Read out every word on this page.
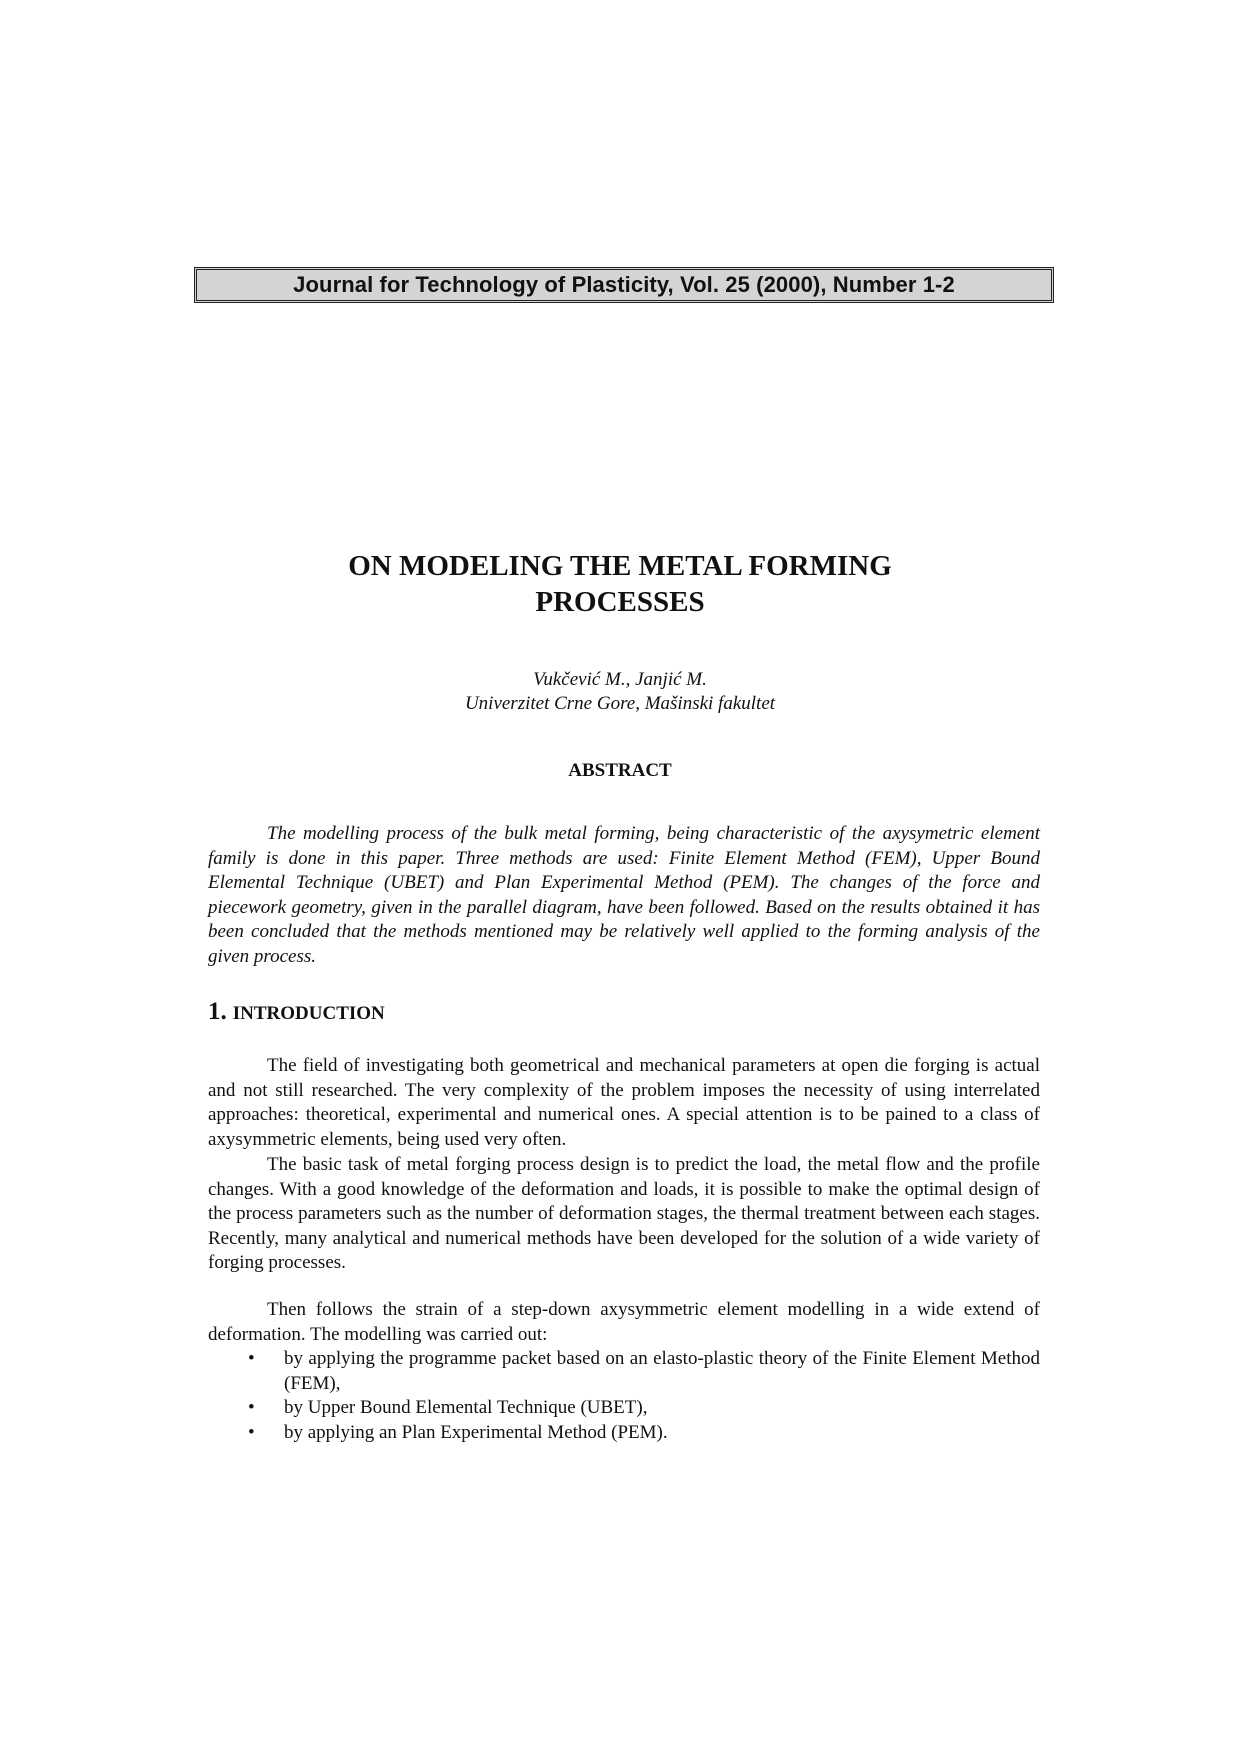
Journal for Technology of Plasticity, Vol. 25 (2000), Number 1-2
ON MODELING THE METAL FORMING
PROCESSES
Vukčević M., Janjić M.
Univerzitet Crne Gore, Mašinski fakultet
ABSTRACT

The modelling process of the bulk metal forming, being characteristic of the axysymetric element family is done in this paper. Three methods are used: Finite Element Method (FEM), Upper Bound Elemental Technique (UBET) and Plan Experimental Method (PEM). The changes of the force and piecework geometry, given in the parallel diagram, have been followed. Based on the results obtained it has been concluded that the methods mentioned may be relatively well applied to the forming analysis of the given process.

1. INTRODUCTION

The field of investigating both geometrical and mechanical parameters at open die forging is actual and not still researched. The very complexity of the problem imposes the necessity of using interrelated approaches: theoretical, experimental and numerical ones. A special attention is to be pained to a class of axysymmetric elements, being used very often.

The basic task of metal forging process design is to predict the load, the metal flow and the profile changes. With a good knowledge of the deformation and loads, it is possible to make the optimal design of the process parameters such as the number of deformation stages, the thermal treatment between each stages. Recently, many analytical and numerical methods have been developed for the solution of a wide variety of forging processes.

Then follows the strain of a step-down axysymmetric element modelling in a wide extend of deformation. The modelling was carried out:

• by applying the programme packet based on an elasto-plastic theory of the Finite Element Method (FEM),
• by Upper Bound Elemental Technique (UBET),
• by applying an Plan Experimental Method (PEM).
